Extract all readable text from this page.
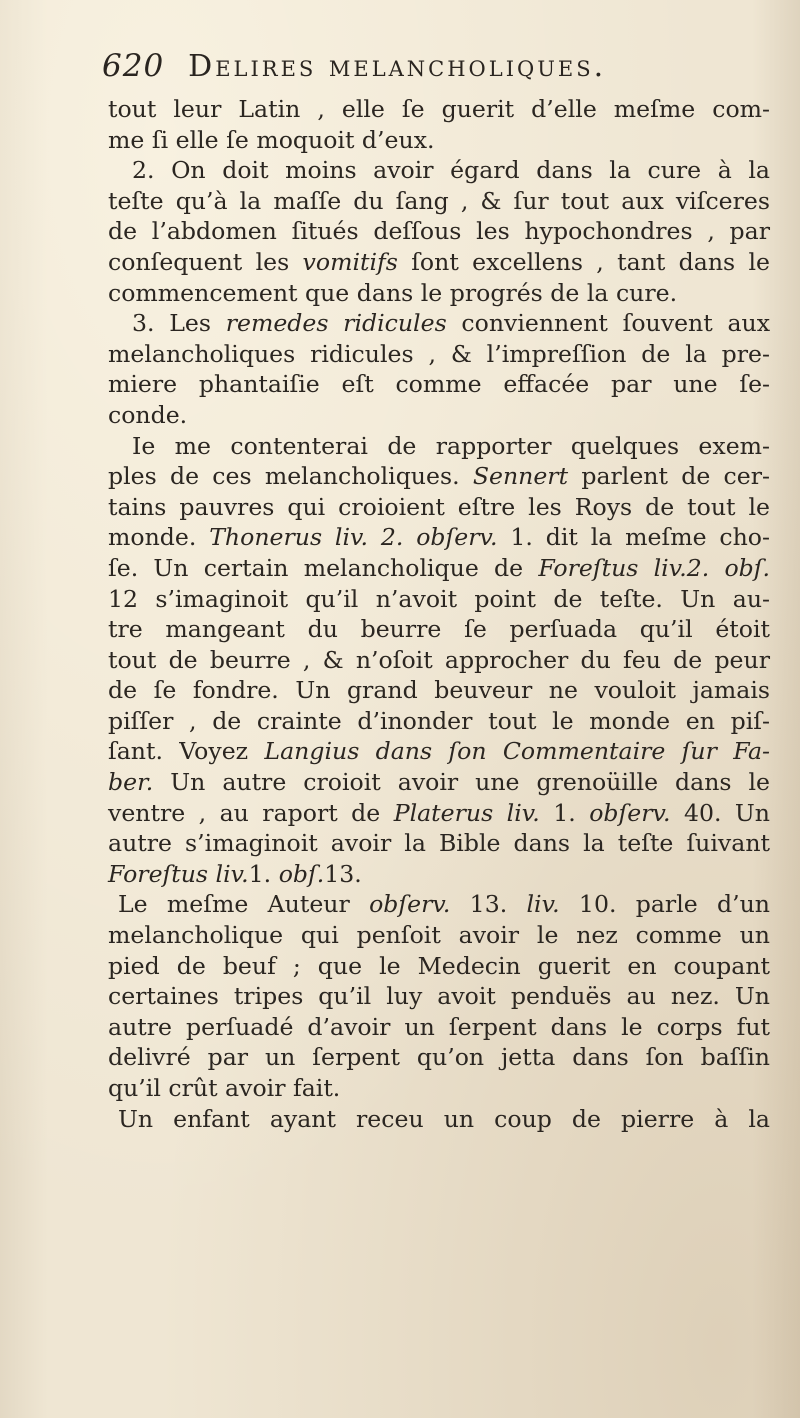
620 Delires melancholiques.
tout leur Latin , elle ſe guerit d’elle meſme com-
me ſi elle ſe moquoit d’eux.
2. On doit moins avoir égard dans la cure à la
teſte qu’à la maſſe du ſang , & ſur tout aux viſceres
de l’abdomen ſitués deſſous les hypochondres , par
conſequent les vomitifs ſont excellens , tant dans le
commencement que dans le progrés de la cure.
3. Les remedes ridicules conviennent ſouvent aux
melancholiques ridicules , & l’impreſſion de la pre-
miere phantaiſie eſt comme effacée par une ſe-
conde.
Ie me contenterai de rapporter quelques exem-
ples de ces melancholiques. Sennert parlent de cer-
tains pauvres qui croioient eſtre les Roys de tout le
monde. Thonerus liv. 2. obſerv. 1. dit la meſme cho-
ſe. Un certain melancholique de Foreſtus liv.2. obſ.
12 s’imaginoit qu’il n’avoit point de teſte. Un au-
tre mangeant du beurre ſe perſuada qu’il étoit
tout de beurre , & n’oſoit approcher du feu de peur
de ſe fondre. Un grand beuveur ne vouloit jamais
piſſer , de crainte d’inonder tout le monde en piſ-
ſant. Voyez Langius dans ſon Commentaire ſur Fa-
ber. Un autre croioit avoir une grenoüille dans le
ventre , au raport de Platerus liv. 1. obſerv. 40. Un
autre s’imaginoit avoir la Bible dans la teſte ſuivant
Foreſtus liv.1. obſ.13.
Le meſme Auteur obſerv. 13. liv. 10. parle d’un
melancholique qui penſoit avoir le nez comme un
pied de beuf ; que le Medecin guerit en coupant
certaines tripes qu’il luy avoit penduës au nez. Un
autre perſuadé d’avoir un ſerpent dans le corps fut
delivré par un ſerpent qu’on jetta dans ſon baſſin
qu’il crût avoir fait.
Un enfant ayant receu un coup de pierre à la
